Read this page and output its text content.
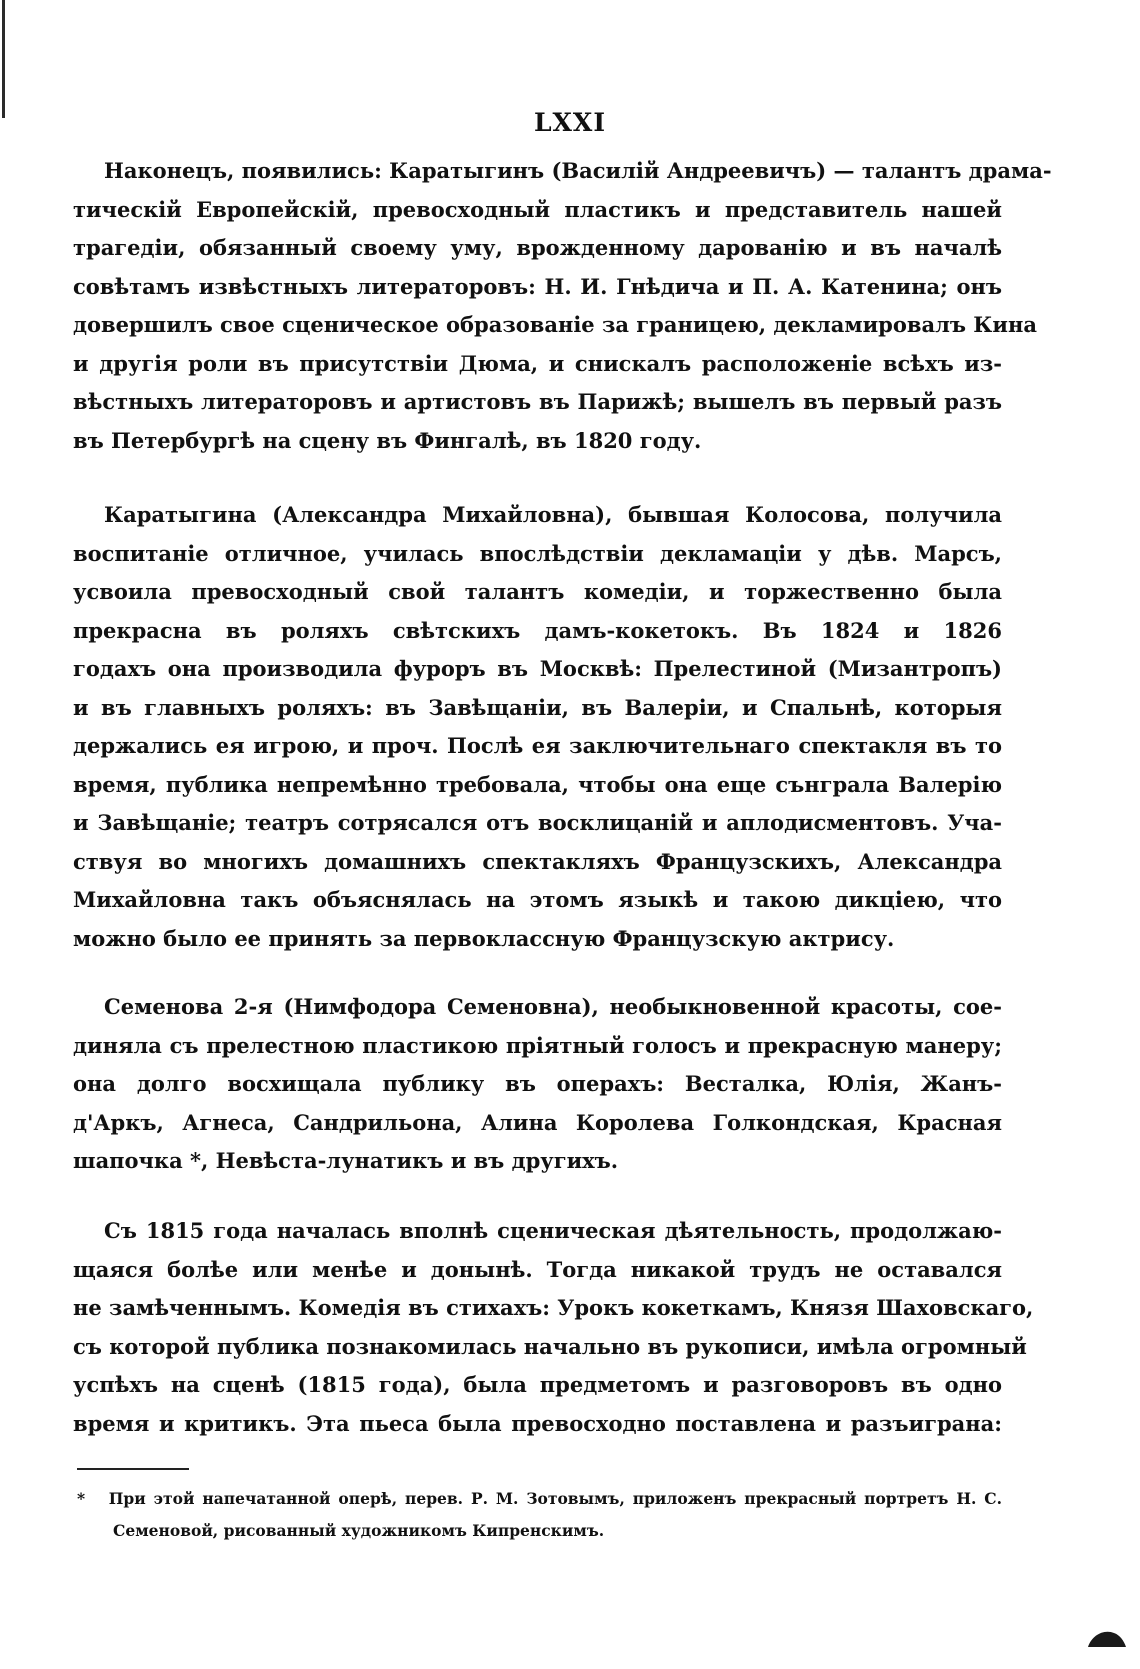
LXXI
Наконецъ, появились: Каратыгинъ (Василій Андреевичъ) — талантъ драма-
тическій Европейскій, превосходный пластикъ и представитель нашей
трагедіи, обязанный своему уму, врожденному дарованію и въ началѣ
совѣтамъ извѣстныхъ литераторовъ: Н. И. Гнѣдича и П. А. Катенина; онъ
довершилъ свое сценическое образованіе за границею, декламировалъ Кина
и другія роли въ присутствіи Дюма, и снискалъ расположеніе всѣхъ из-
вѣстныхъ литераторовъ и артистовъ въ Парижѣ; вышелъ въ первый разъ
въ Петербургѣ на сцену въ Фингалѣ, въ 1820 году.
Каратыгина (Александра Михайловна), бывшая Колосова, получила
воспитаніе отличное, училась впослѣдствіи декламаціи у дѣв. Марсъ,
усвоила превосходный свой талантъ комедіи, и торжественно была
прекрасна въ роляхъ свѣтскихъ дамъ-кокетокъ. Въ 1824 и 1826
годахъ она производила фуроръ въ Москвѣ: Прелестиной (Мизантропъ)
и въ главныхъ роляхъ: въ Завѣщаніи, въ Валеріи, и Спальнѣ, которыя
держались ея игрою, и проч. Послѣ ея заключительнаго спектакля въ то
время, публика непремѣнно требовала, чтобы она еще сънграла Валерію
и Завѣщаніе; театръ сотрясался отъ восклицаній и аплодисментовъ. Уча-
ствуя во многихъ домашнихъ спектакляхъ Французскихъ, Александра
Михайловна такъ объяснялась на этомъ языкѣ и такою дикціею, что
можно было ее принять за первоклассную Французскую актрису.
Семенова 2-я (Нимфодора Семеновна), необыкновенной красоты, сое-
диняла съ прелестною пластикою пріятный голосъ и прекрасную манеру;
она долго восхищала публику въ операхъ: Весталка, Юлія, Жанъ-
д'Аркъ, Агнеса, Сандрильона, Алина Королева Голкондская, Красная
шапочка *, Невѣста-лунатикъ и въ другихъ.
Съ 1815 года началась вполнѣ сценическая дѣятельность, продолжаю-
щаяся болѣе или менѣе и донынѣ. Тогда никакой трудъ не оставался
не замѣченнымъ. Комедія въ стихахъ: Урокъ кокеткамъ, Князя Шаховскаго,
съ которой публика познакомилась начально въ рукописи, имѣла огромный
успѣхъ на сценѣ (1815 года), была предметомъ и разговоровъ въ одно
время и критикъ. Эта пьеса была превосходно поставлена и разъиграна:
* При этой напечатанной оперѣ, перев. Р. М. Зотовымъ, приложенъ прекрасный портретъ Н. С.
Семеновой, рисованный художникомъ Кипренскимъ.
